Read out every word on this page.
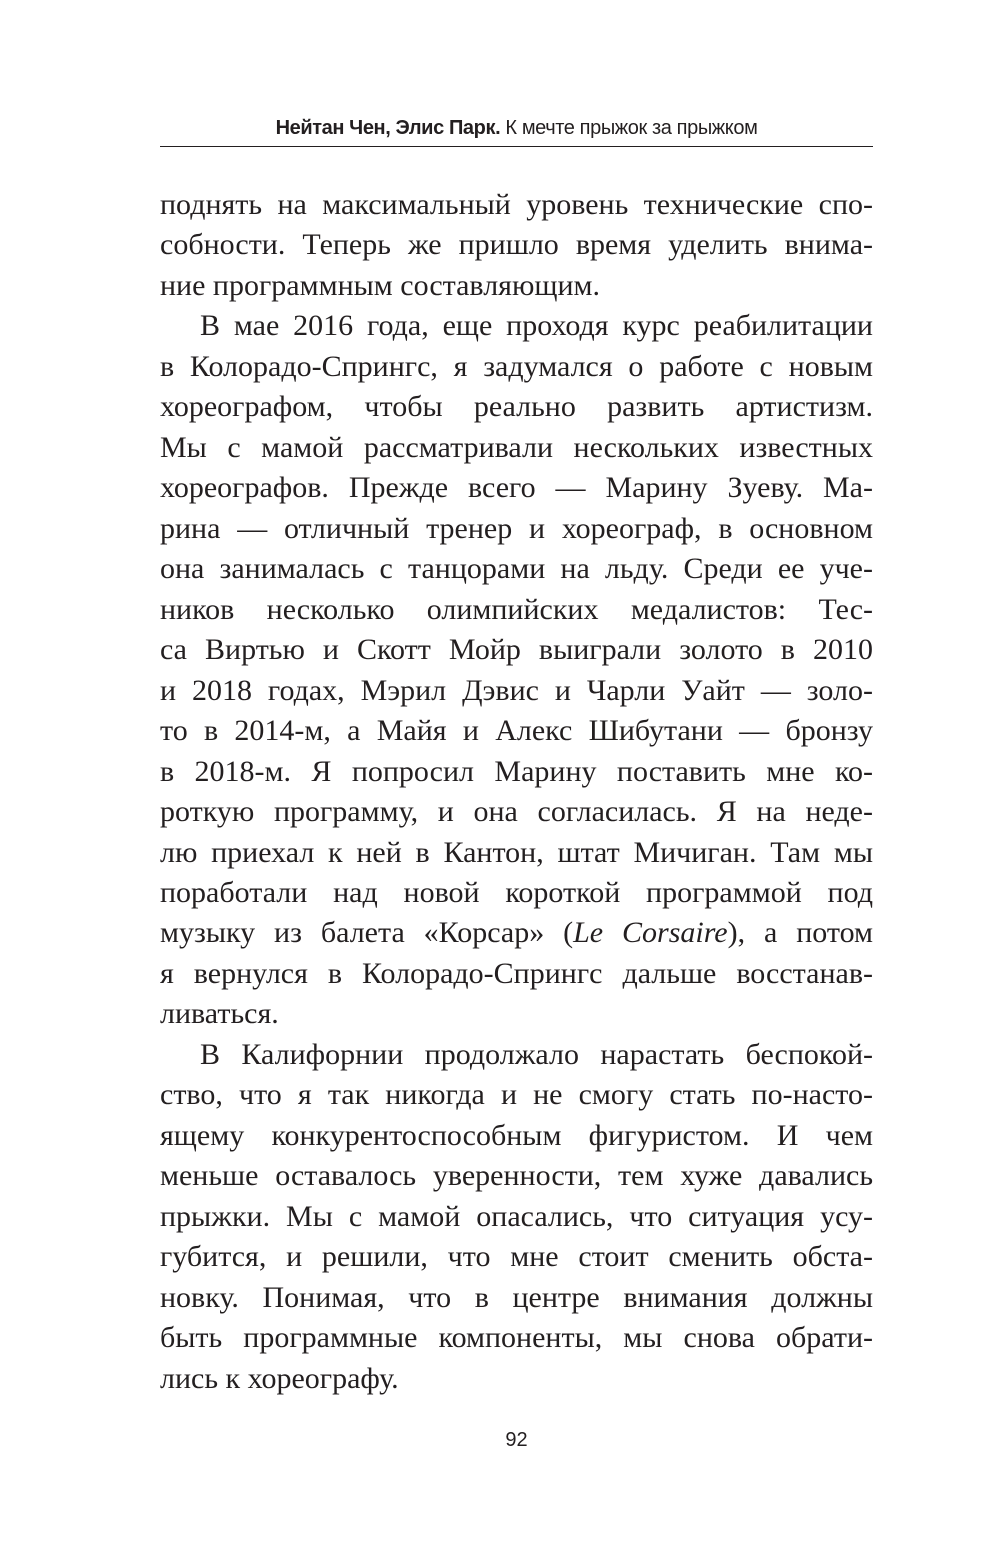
Нейтан Чен, Элис Парк. К мечте прыжок за прыжком
поднять на максимальный уровень технические спо-
собности. Теперь же пришло время уделить внима-
ние программным составляющим.
В мае 2016 года, еще проходя курс реабилитации
в Колорадо-Спрингс, я задумался о работе с новым
хореографом, чтобы реально развить артистизм.
Мы с мамой рассматривали нескольких известных
хореографов. Прежде всего — Марину Зуеву. Ма-
рина — отличный тренер и хореограф, в основном
она занималась с танцорами на льду. Среди ее уче-
ников несколько олимпийских медалистов: Тес-
са Виртью и Скотт Мойр выиграли золото в 2010
и 2018 годах, Мэрил Дэвис и Чарли Уайт — золо-
то в 2014-м, а Майя и Алекс Шибутани — бронзу
в 2018-м. Я попросил Марину поставить мне ко-
роткую программу, и она согласилась. Я на неде-
лю приехал к ней в Кантон, штат Мичиган. Там мы
поработали над новой короткой программой под
музыку из балета «Корсар» (Le Corsaire), а потом
я вернулся в Колорадо-Спрингс дальше восстанав-
ливаться.
В Калифорнии продолжало нарастать беспокой-
ство, что я так никогда и не смогу стать по-насто-
ящему конкурентоспособным фигуристом. И чем
меньше оставалось уверенности, тем хуже давались
прыжки. Мы с мамой опасались, что ситуация усу-
губится, и решили, что мне стоит сменить обста-
новку. Понимая, что в центре внимания должны
быть программные компоненты, мы снова обрати-
лись к хореографу.
92
